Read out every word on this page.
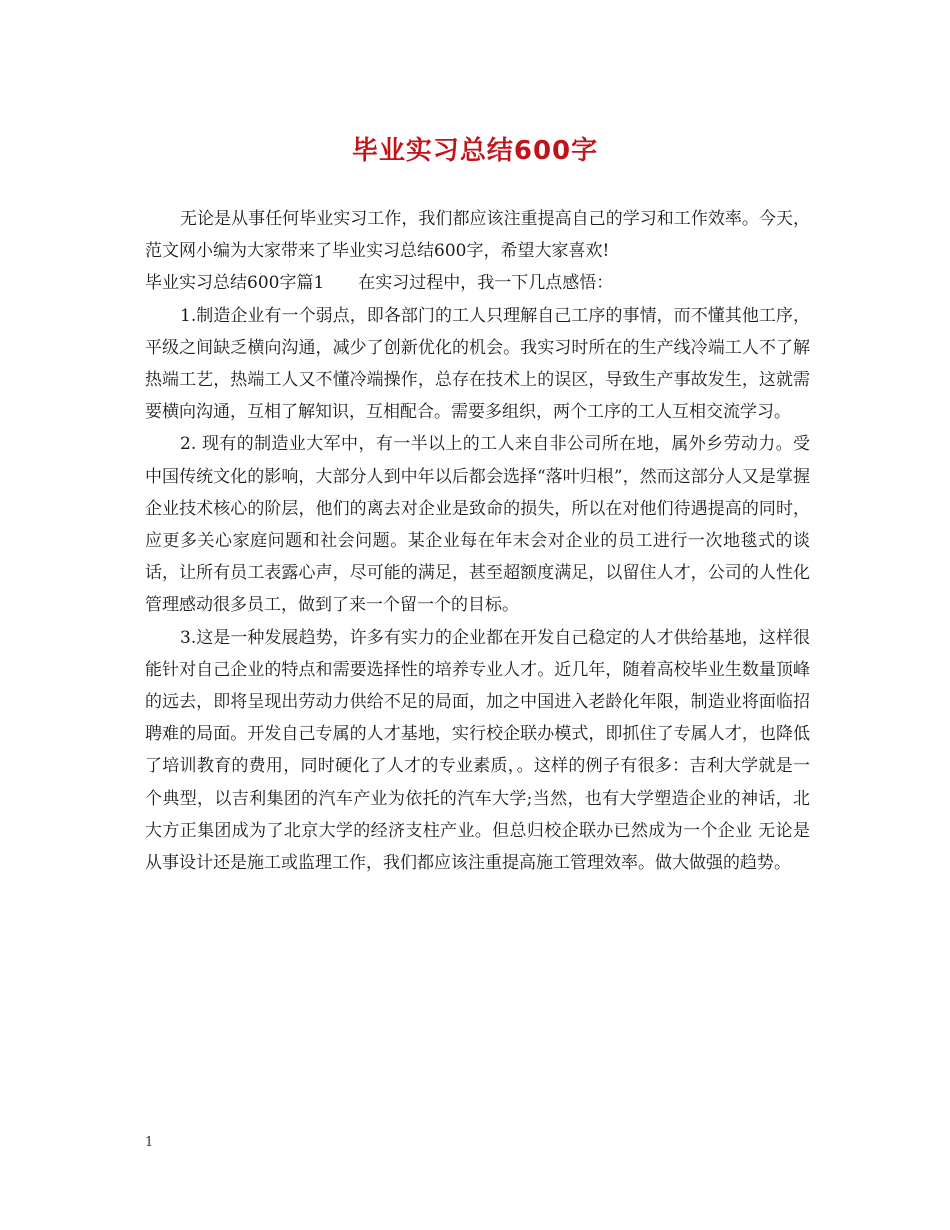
毕业实习总结600字

无论是从事任何毕业实习工作，我们都应该注重提高自己的学习和工作效率。今天，范文网小编为大家带来了毕业实习总结600字，希望大家喜欢!

毕业实习总结600字篇1 在实习过程中，我一下几点感悟：

1.制造企业有一个弱点，即各部门的工人只理解自己工序的事情，而不懂其他工序，平级之间缺乏横向沟通，减少了创新优化的机会。我实习时所在的生产线冷端工人不了解热端工艺，热端工人又不懂冷端操作，总存在技术上的误区，导致生产事故发生，这就需要横向沟通，互相了解知识，互相配合。需要多组织，两个工序的工人互相交流学习。

2. 现有的制造业大军中，有一半以上的工人来自非公司所在地，属外乡劳动力。受中国传统文化的影响，大部分人到中年以后都会选择“落叶归根”，然而这部分人又是掌握企业技术核心的阶层，他们的离去对企业是致命的损失，所以在对他们待遇提高的同时，应更多关心家庭问题和社会问题。某企业每在年末会对企业的员工进行一次地毯式的谈话，让所有员工表露心声，尽可能的满足，甚至超额度满足，以留住人才，公司的人性化管理感动很多员工，做到了来一个留一个的目标。

3.这是一种发展趋势，许多有实力的企业都在开发自己稳定的人才供给基地，这样很能针对自己企业的特点和需要选择性的培养专业人才。近几年，随着高校毕业生数量顶峰的远去，即将呈现出劳动力供给不足的局面，加之中国进入老龄化年限，制造业将面临招聘难的局面。开发自己专属的人才基地，实行校企联办模式，即抓住了专属人才，也降低了培训教育的费用，同时硬化了人才的专业素质，。这样的例子有很多：吉利大学就是一个典型，以吉利集团的汽车产业为依托的汽车大学;当然，也有大学塑造企业的神话，北大方正集团成为了北京大学的经济支柱产业。但总归校企联办已然成为一个企业 无论是从事设计还是施工或监理工作，我们都应该注重提高施工管理效率。做大做强的趋势。

1
